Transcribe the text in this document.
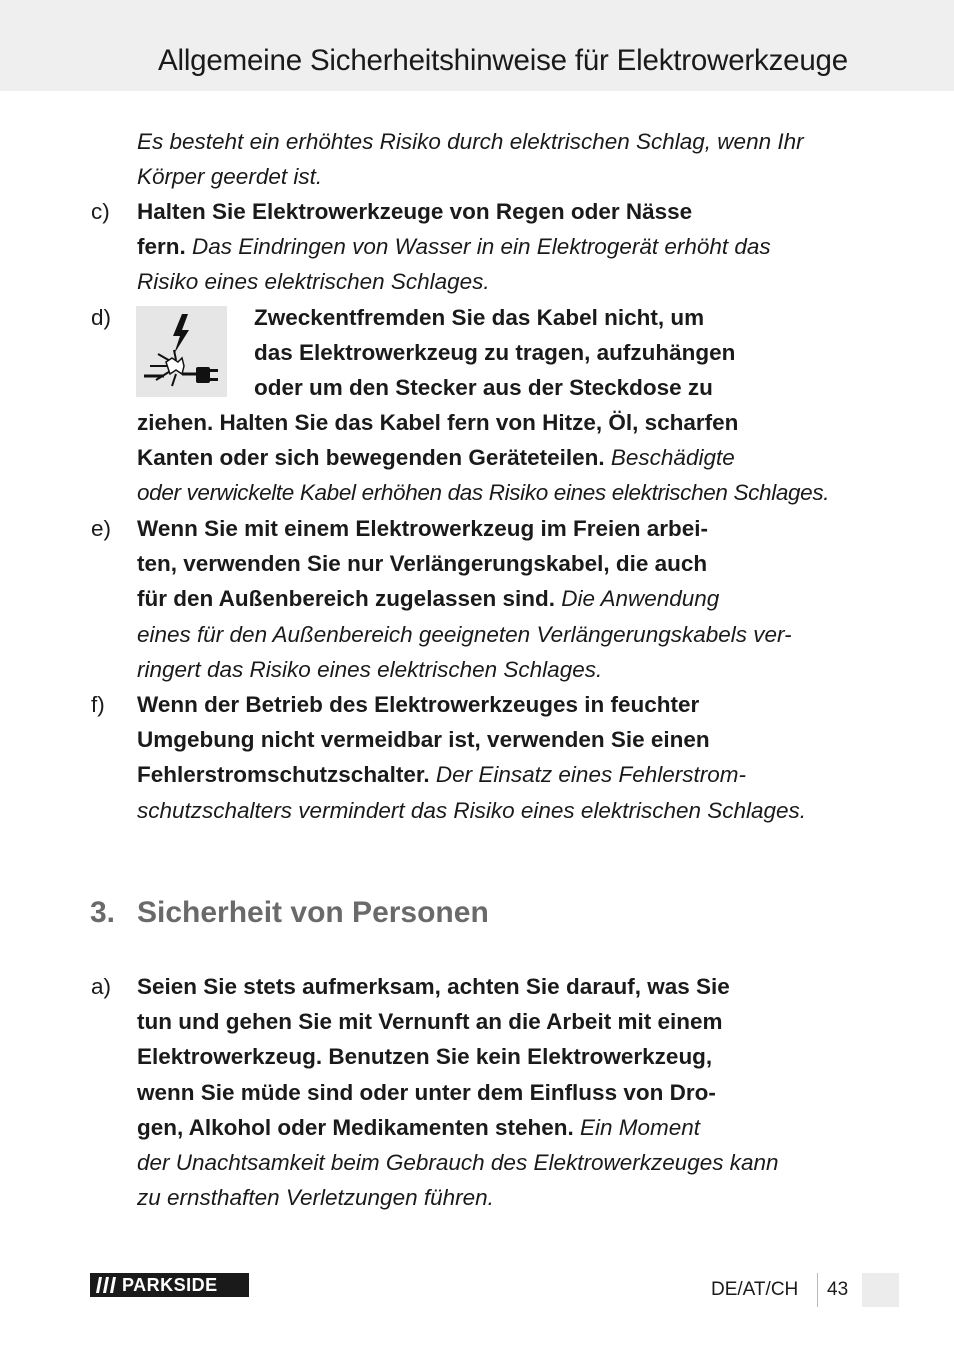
Allgemeine Sicherheitshinweise für Elektrowerkzeuge
Es besteht ein erhöhtes Risiko durch elektrischen Schlag, wenn Ihr
Körper geerdet ist.
c) Halten Sie Elektrowerkzeuge von Regen oder Nässe
fern. Das Eindringen von Wasser in ein Elektrogerät erhöht das
Risiko eines elektrischen Schlages.
d)	Zweckentfremden Sie das Kabel nicht, um
das Elektrowerkzeug zu tragen, aufzuhängen
oder um den Stecker aus der Steckdose zu
ziehen. Halten Sie das Kabel fern von Hitze, Öl, scharfen
Kanten oder sich bewegenden Geräteteilen. Beschädigte
oder verwickelte Kabel erhöhen das Risiko eines elektrischen Schlages.
e) Wenn Sie mit einem Elektrowerkzeug im Freien arbei-
ten, verwenden Sie nur Verlängerungskabel, die auch
für den Außenbereich zugelassen sind. Die Anwendung
eines für den Außenbereich geeigneten Verlängerungskabels ver-
ringert das Risiko eines elektrischen Schlages.
f) Wenn der Betrieb des Elektrowerkzeuges in feuchter
Umgebung nicht vermeidbar ist, verwenden Sie einen
Fehlerstromschutzschalter. Der Einsatz eines Fehlerstrom-
schutzschalters vermindert das Risiko eines elektrischen Schlages.
3. Sicherheit von Personen
a) Seien Sie stets aufmerksam, achten Sie darauf, was Sie
tun und gehen Sie mit Vernunft an die Arbeit mit einem
Elektrowerkzeug. Benutzen Sie kein Elektrowerkzeug,
wenn Sie müde sind oder unter dem Einfluss von Dro-
gen, Alkohol oder Medikamenten stehen. Ein Moment
der Unachtsamkeit beim Gebrauch des Elektrowerkzeuges kann
zu ernsthaften Verletzungen führen.
PARKSIDE	DE/AT/CH 43
